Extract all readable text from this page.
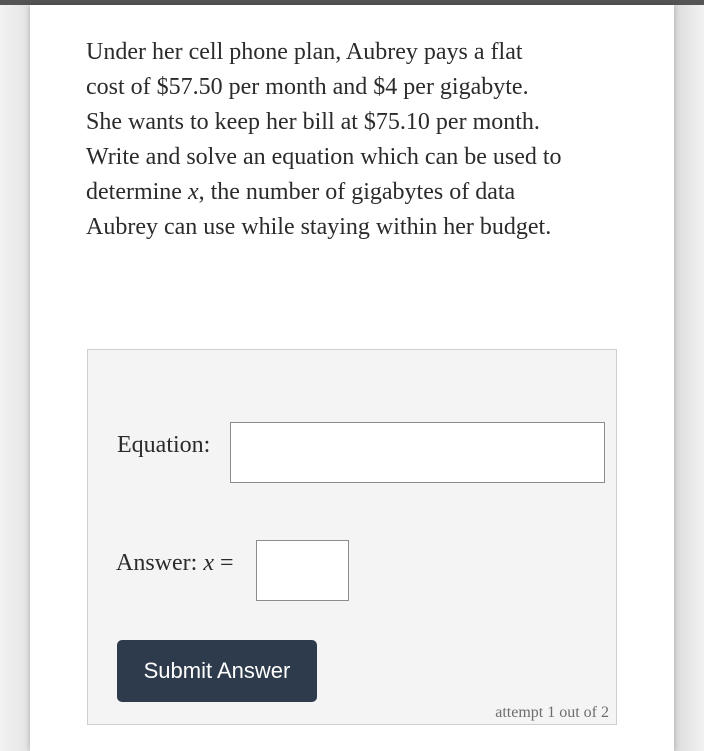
Under her cell phone plan, Aubrey pays a flat
cost of $57.50 per month and $4 per gigabyte.
She wants to keep her bill at $75.10 per month.
Write and solve an equation which can be used to
determine x, the number of gigabytes of data
Aubrey can use while staying within her budget.

Equation:
Answer: x =
Submit Answer
attempt 1 out of 2
